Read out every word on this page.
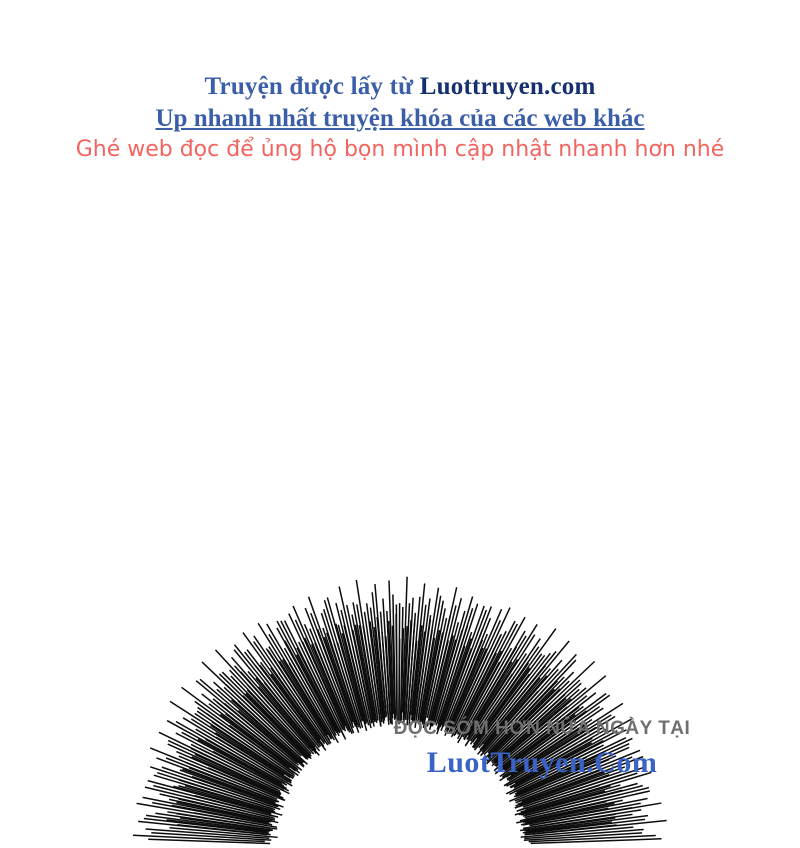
Truyện được lấy từ Luottruyen.com
Up nhanh nhất truyện khóa của các web khác
Ghé web đọc để ủng hộ bọn mình cập nhật nhanh hơn nhé
ĐỌC SỚM HƠN NỬA NGÀY TẠI
LuotTruyen.Com
